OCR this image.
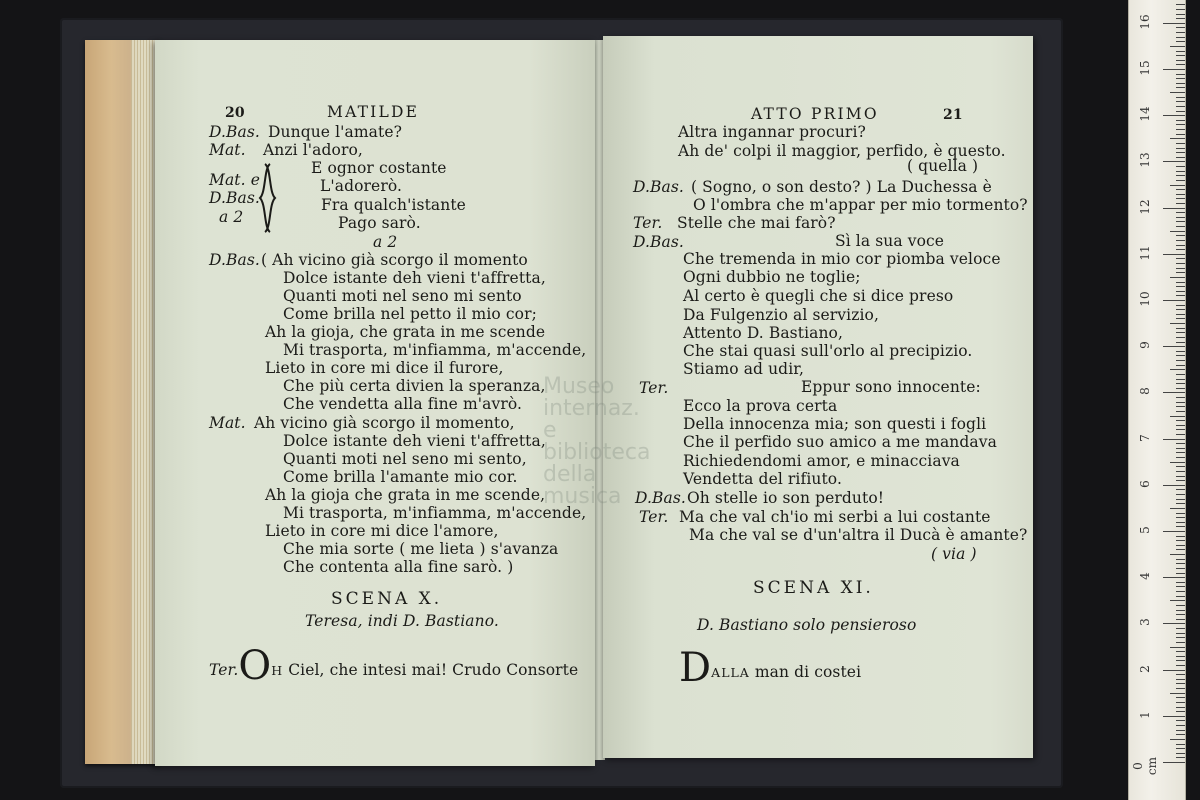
20	MATILDE
D.Bas. Dunque l'amate?
Mat. Anzi l'adoro,
E ognor costante
Mat. e	L'adorerò.
D.Bas.	Fra qualch'istante
a 2	Pago sarò.
a 2
D.Bas. ( Ah vicino già scorgo il momento
Dolce istante deh vieni t'affretta,
Quanti moti nel seno mi sento
Come brilla nel petto il mio cor;
Ah la gioja, che grata in me scende
Mi trasporta, m'infiamma, m'accende,
Lieto in core mi dice il furore,
Che più certa divien la speranza,
Che vendetta alla fine m'avrò.
Mat. Ah vicino già scorgo il momento,
Dolce istante deh vieni t'affretta,
Quanti moti nel seno mi sento,
Come brilla l'amante mio cor.
Ah la gioja che grata in me scende,
Mi trasporta, m'infiamma, m'accende,
Lieto in core mi dice l'amore,
Che mia sorte ( me lieta ) s'avanza
Che contenta alla fine sarò. )
SCENA X.
Teresa, indi D. Bastiano.
Ter.OH Ciel, che intesi mai! Crudo Consorte
ATTO PRIMO	21
Altra ingannar procuri?
Ah de' colpi il maggior, perfido, è questo.
( quella )
D.Bas. ( Sogno, o son desto? ) La Duchessa è
O l'ombra che m'appar per mio tormento?
Ter. Stelle che mai farò?
D.Bas.	Sì la sua voce
Che tremenda in mio cor piomba veloce
Ogni dubbio ne toglie;
Al certo è quegli che si dice preso
Da Fulgenzio al servizio,
Attento D. Bastiano,
Che stai quasi sull'orlo al precipizio.
Stiamo ad udir,
Ter.	Eppur sono innocente:
Ecco la prova certa
Della innocenza mia; son questi i fogli
Che il perfido suo amico a me mandava
Richiedendomi amor, e minacciava
Vendetta del rifiuto.
D.Bas. Oh stelle io son perduto!
Ter. Ma che val ch'io mi serbi a lui costante
Ma che val se d'un'altra il Ducà è amante?
( via )
SCENA XI.
D. Bastiano solo pensieroso
DALLA man di costei
Museo internaz.
e biblioteca
della musica
0 cm
1
2
3
4
5
6
7
8
9
10
11
12
13
14
15
16
